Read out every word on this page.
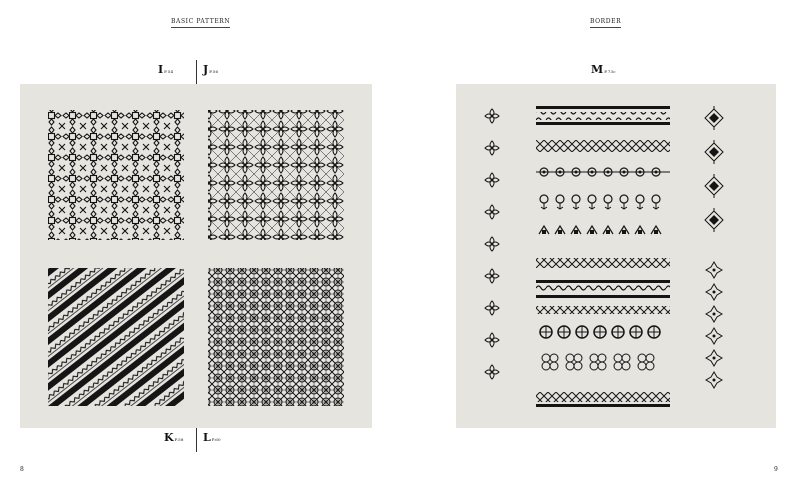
BASIC PATTERN	BORDER
IP.54	JP.56
KP.58 LP.60
MP.73c
8	9
